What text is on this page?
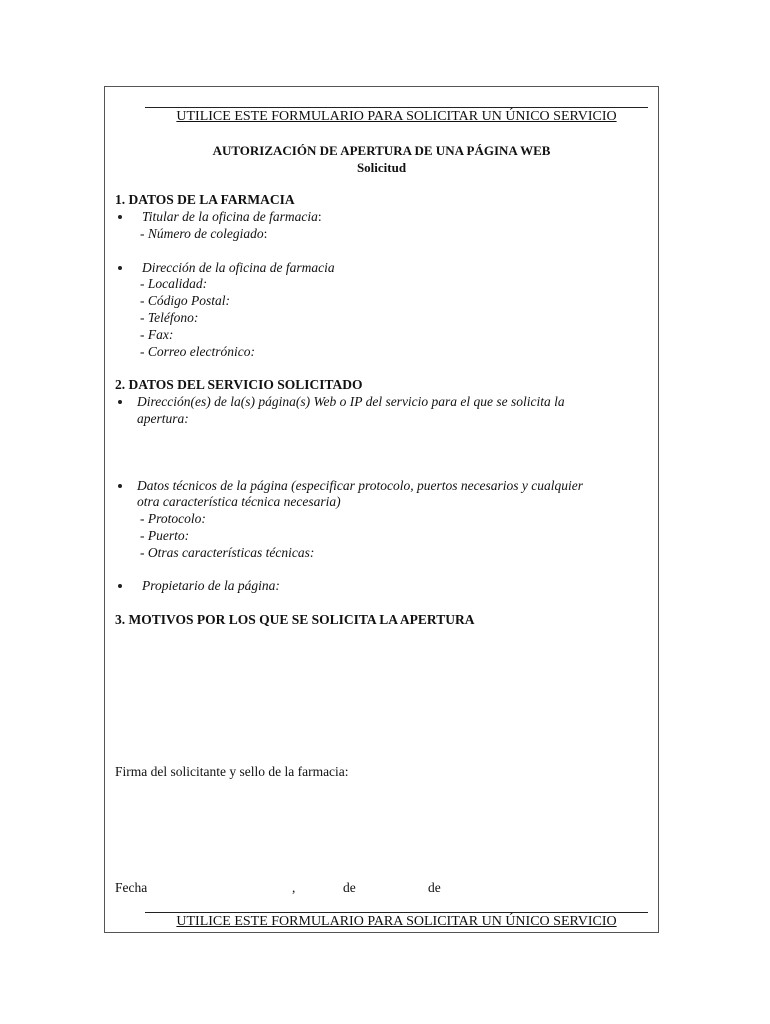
UTILICE ESTE FORMULARIO PARA SOLICITAR UN ÚNICO SERVICIO
AUTORIZACIÓN DE APERTURA DE UNA PÁGINA WEB
Solicitud
1. DATOS DE LA FARMACIA
Titular de la oficina de farmacia:
- Número de colegiado:
Dirección de la oficina de farmacia
- Localidad:
- Código Postal:
- Teléfono:
- Fax:
- Correo electrónico:
2. DATOS DEL SERVICIO SOLICITADO
Dirección(es) de la(s) página(s) Web o IP del servicio para el que se solicita la
apertura:
Datos técnicos de la página (especificar protocolo, puertos necesarios y cualquier
otra característica técnica necesaria)
- Protocolo:
- Puerto:
- Otras características técnicas:
Propietario de la página:
3. MOTIVOS POR LOS QUE SE SOLICITA LA APERTURA
Firma del solicitante y sello de la farmacia:
Fecha	,	de	de
UTILICE ESTE FORMULARIO PARA SOLICITAR UN ÚNICO SERVICIO
